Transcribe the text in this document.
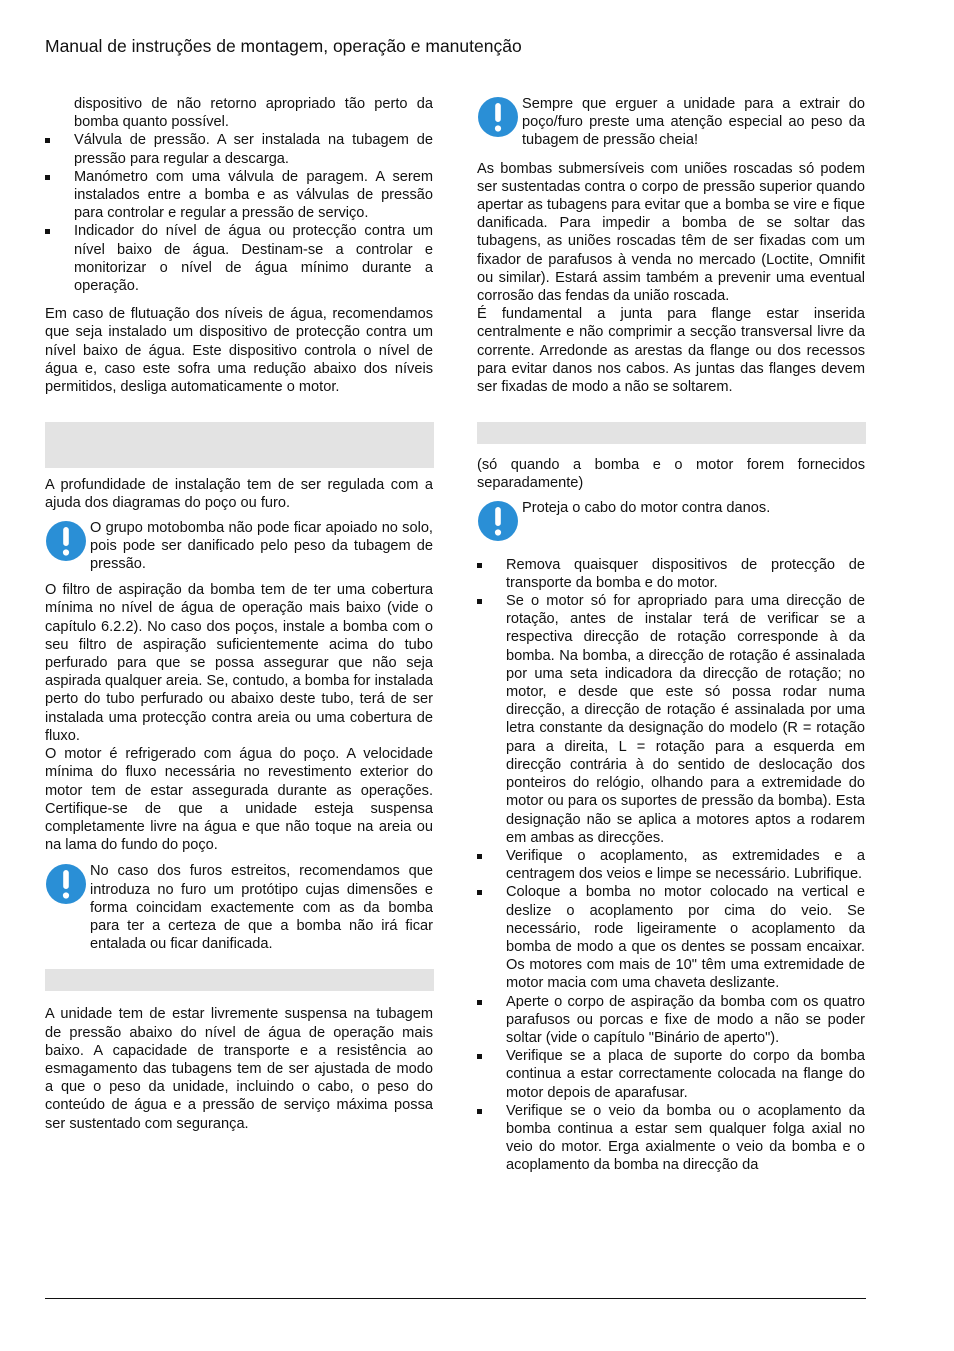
Manual de instruções de montagem, operação e manutenção
dispositivo de não retorno apropriado tão perto da bomba quanto possível.
Válvula de pressão. A ser instalada na tubagem de pressão para regular a descarga.
Manómetro com uma válvula de paragem. A serem instalados entre a bomba e as válvulas de pressão para controlar e regular a pressão de serviço.
Indicador do nível de água ou protecção contra um nível baixo de água. Destinam-se a controlar e monitorizar o nível de água mínimo durante a operação.

Em caso de flutuação dos níveis de água, recomendamos que seja instalado um dispositivo de protecção contra um nível baixo de água. Este dispositivo controla o nível de água e, caso este sofra uma redução abaixo dos níveis permitidos, desliga automaticamente o motor.

A profundidade de instalação tem de ser regulada com a ajuda dos diagramas do poço ou furo.

O grupo motobomba não pode ficar apoiado no solo, pois pode ser danificado pelo peso da tubagem de pressão.

O filtro de aspiração da bomba tem de ter uma cobertura mínima no nível de água de operação mais baixo (vide o capítulo 6.2.2). No caso dos poços, instale a bomba com o seu filtro de aspiração suficientemente acima do tubo perfurado para que se possa assegurar que não seja aspirada qualquer areia. Se, contudo, a bomba for instalada perto do tubo perfurado ou abaixo deste tubo, terá de ser instalada uma protecção contra areia ou uma cobertura de fluxo.

O motor é refrigerado com água do poço. A velocidade mínima do fluxo necessária no revestimento exterior do motor tem de estar assegurada durante as operações. Certifique-se de que a unidade esteja suspensa completamente livre na água e que não toque na areia ou na lama do fundo do poço.

No caso dos furos estreitos, recomendamos que introduza no furo um protótipo cujas dimensões e forma coincidam exactemente com as da bomba para ter a certeza de que a bomba não irá ficar entalada ou ficar danificada.

A unidade tem de estar livremente suspensa na tubagem de pressão abaixo do nível de água de operação mais baixo. A capacidade de transporte e a resistência ao esmagamento das tubagens tem de ser ajustada de modo a que o peso da unidade, incluindo o cabo, o peso do conteúdo de água e a pressão de serviço máxima possa ser sustentado com segurança.

Sempre que erguer a unidade para a extrair do poço/furo preste uma atenção especial ao peso da tubagem de pressão cheia!

As bombas submersíveis com uniões roscadas só podem ser sustentadas contra o corpo de pressão superior quando apertar as tubagens para evitar que a bomba se vire e fique danificada. Para impedir a bomba de se soltar das tubagens, as uniões roscadas têm de ser fixadas com um fixador de parafusos à venda no mercado (Loctite, Omnifit ou similar). Estará assim também a prevenir uma eventual corrosão das fendas da união roscada.

É fundamental a junta para flange estar inserida centralmente e não comprimir a secção transversal livre da corrente. Arredonde as arestas da flange ou dos recessos para evitar danos nos cabos. As juntas das flanges devem ser fixadas de modo a não se soltarem.

(só quando a bomba e o motor forem fornecidos separadamente)

Proteja o cabo do motor contra danos.

Remova quaisquer dispositivos de protecção de transporte da bomba e do motor.
Se o motor só for apropriado para uma direcção de rotação, antes de instalar terá de verificar se a respectiva direcção de rotação corresponde à da bomba. Na bomba, a direcção de rotação é assinalada por uma seta indicadora da direcção de rotação; no motor, e desde que este só possa rodar numa direcção, a direcção de rotação é assinalada por uma letra constante da designação do modelo (R = rotação para a direita, L = rotação para a esquerda em direcção contrária à do sentido de deslocação dos ponteiros do relógio, olhando para a extremidade do motor ou para os suportes de pressão da bomba). Esta designação não se aplica a motores aptos a rodarem em ambas as direcções.
Verifique o acoplamento, as extremidades e a centragem dos veios e limpe se necessário. Lubrifique.
Coloque a bomba no motor colocado na vertical e deslize o acoplamento por cima do veio. Se necessário, rode ligeiramente o acoplamento da bomba de modo a que os dentes se possam encaixar. Os motores com mais de 10" têm uma extremidade de motor macia com uma chaveta deslizante.
Aperte o corpo de aspiração da bomba com os quatro parafusos ou porcas e fixe de modo a não se poder soltar (vide o capítulo "Binário de aperto").
Verifique se a placa de suporte do corpo da bomba continua a estar correctamente colocada na flange do motor depois de aparafusar.
Verifique se o veio da bomba ou o acoplamento da bomba continua a estar sem qualquer folga axial no veio do motor. Erga axialmente o veio da bomba e o acoplamento da bomba na direcção da
